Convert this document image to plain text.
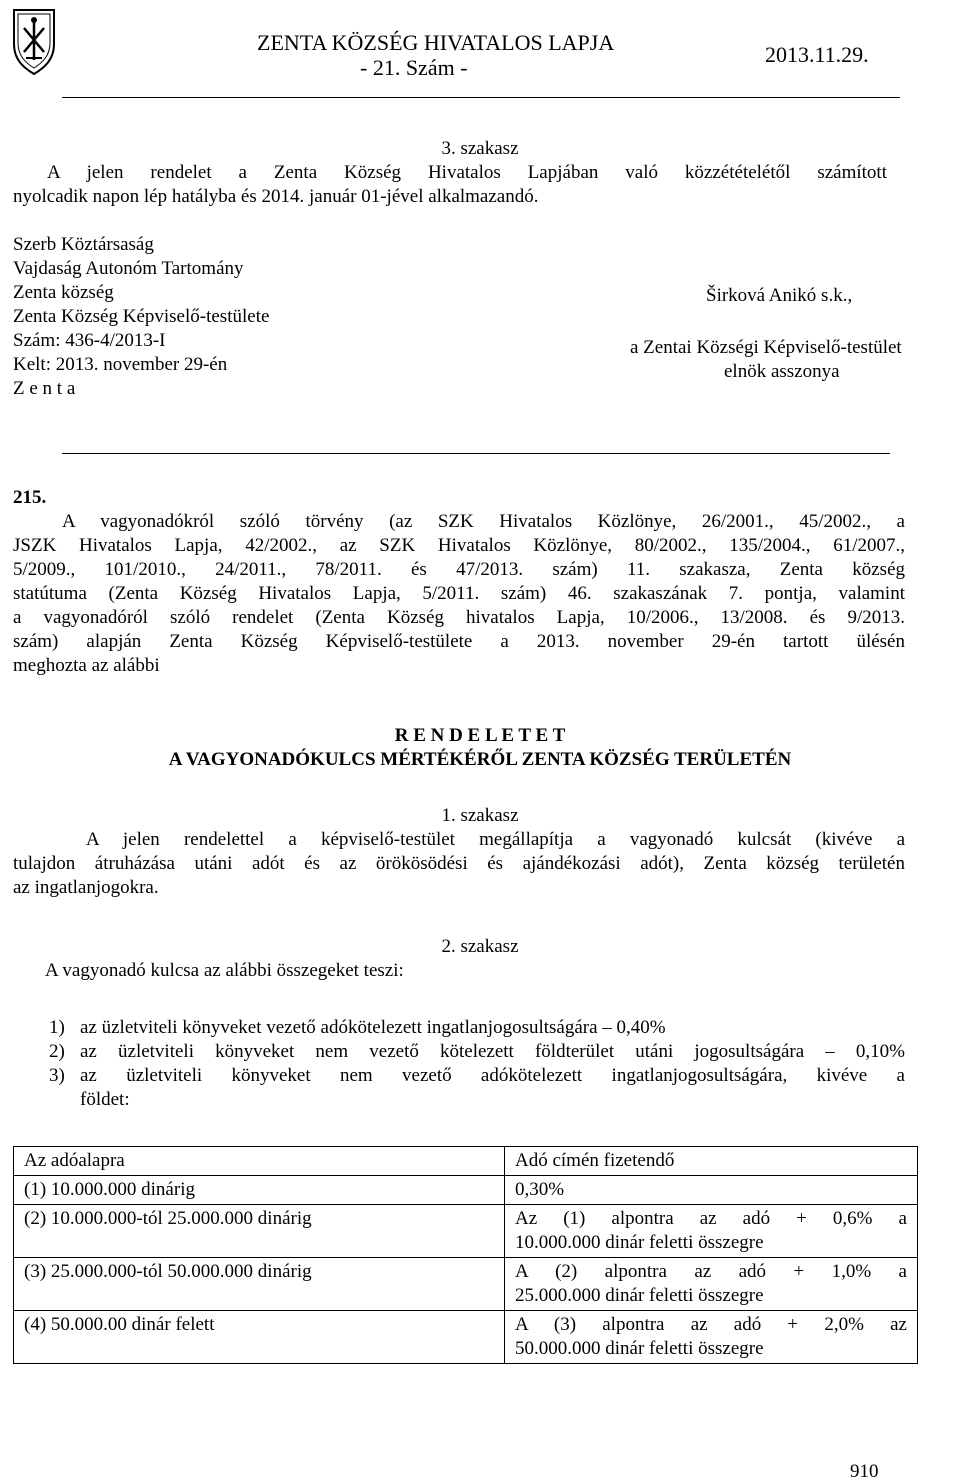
ZENTA KÖZSÉG HIVATALOS LAPJA
- 21. Szám -
2013.11.29.
3. szakasz
A jelen rendelet a Zenta Község Hivatalos Lapjában való közzétételétől számított
nyolcadik napon lép hatályba és 2014. január 01-jével alkalmazandó.
Szerb Köztársaság
Vajdaság Autonóm Tartomány
Zenta község
Zenta Község Képviselő-testülete
Szám: 436-4/2013-I
Kelt: 2013. november 29-én
Z e n t a
Širková Anikó s.k.,
a Zentai Községi Képviselő-testület
elnök asszonya
215.
A vagyonadókról szóló törvény (az SZK Hivatalos Közlönye, 26/2001., 45/2002., a
JSZK Hivatalos Lapja, 42/2002., az SZK Hivatalos Közlönye, 80/2002., 135/2004., 61/2007.,
5/2009., 101/2010., 24/2011., 78/2011. és 47/2013. szám) 11. szakasza, Zenta község
statútuma (Zenta Község Hivatalos Lapja, 5/2011. szám) 46. szakaszának 7. pontja, valamint
a vagyonadóról szóló rendelet (Zenta Község hivatalos Lapja, 10/2006., 13/2008. és 9/2013.
szám) alapján Zenta Község Képviselő-testülete a 2013. november 29-én tartott ülésén
meghozta az alábbi
R E N D E L E T E T
A VAGYONADÓKULCS MÉRTÉKÉRŐL ZENTA KÖZSÉG TERÜLETÉN
1. szakasz
A jelen rendelettel a képviselő-testület megállapítja a vagyonadó kulcsát (kivéve a
tulajdon átruházása utáni adót és az örökösödési és ajándékozási adót), Zenta község területén
az ingatlanjogokra.
2. szakasz
A vagyonadó kulcsa az alábbi összegeket teszi:
1) az üzletviteli könyveket vezető adókötelezett ingatlanjogosultságára – 0,40%
2) az üzletviteli könyveket nem vezető kötelezett földterület utáni jogosultságára – 0,10%
3) az üzletviteli könyveket nem vezető adókötelezett ingatlanjogosultságára, kivéve a
földet:
Az adóalapra	Adó címén fizetendő
(1) 10.000.000 dinárig	0,30%

(2) 10.000.000-tól 25.000.000 dinárig	Az (1) alpontra az adó + 0,6% a
10.000.000 dinár feletti összegre

(3) 25.000.000-tól 50.000.000 dinárig	A (2) alpontra az adó + 1,0% a
25.000.000 dinár feletti összegre

(4) 50.000.00 dinár felett	A (3) alpontra az adó + 2,0% az
50.000.000 dinár feletti összegre
910
